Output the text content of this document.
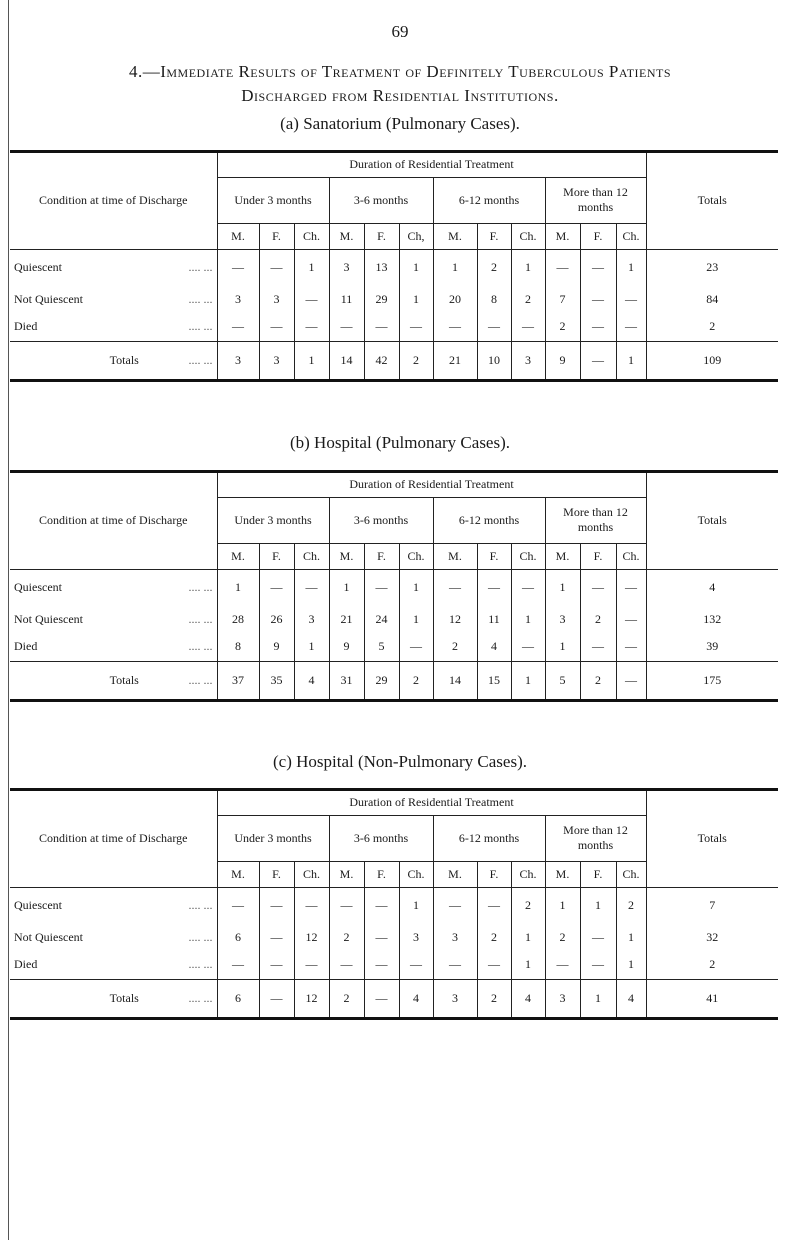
69
4.—Immediate Results of Treatment of Definitely Tuberculous Patients
Discharged from Residential Institutions.
(a) Sanatorium (Pulmonary Cases).

Condition at time of Discharge	Duration of Residential Treatment												Totals
	Under 3 months			3-6 months			6-12 months			More than 12 months			
	M.	F.	Ch.	M.	F.	Ch,	M.	F.	Ch.	M.	F.	Ch.	
Quiescent .... ...	—	—	1	3	13	1	1	2	1	—	—	1	23
Not Quiescent .... ...	3	3	—	11	29	1	20	8	2	7	—	—	84
Died .... ...	—	—	—	—	—	—	—	—	—	2	—	—	2
Totals .... ...	3	3	1	14	42	2	21	10	3	9	—	1	109

(b) Hospital (Pulmonary Cases).

Condition at time of Discharge	Duration of Residential Treatment												Totals
	Under 3 months			3-6 months			6-12 months			More than 12 months			
	M.	F.	Ch.	M.	F.	Ch.	M.	F.	Ch.	M.	F.	Ch.	
Quiescent .... ...	1	—	—	1	—	1	—	—	—	1	—	—	4
Not Quiescent .... ...	28	26	3	21	24	1	12	11	1	3	2	—	132
Died .... ...	8	9	1	9	5	—	2	4	—	1	—	—	39
Totals .... ...	37	35	4	31	29	2	14	15	1	5	2	—	175

(c) Hospital (Non-Pulmonary Cases).

Condition at time of Discharge	Duration of Residential Treatment												Totals
	Under 3 months			3-6 months			6-12 months			More than 12 months			
	M.	F.	Ch.	M.	F.	Ch.	M.	F.	Ch.	M.	F.	Ch.	
Quiescent .... ...	—	—	—	—	—	1	—	—	2	1	1	2	7
Not Quiescent .... ...	6	—	12	2	—	3	3	2	1	2	—	1	32
Died .... ...	—	—	—	—	—	—	—	—	1	—	—	1	2
Totals .... ...	6	—	12	2	—	4	3	2	4	3	1	4	41
